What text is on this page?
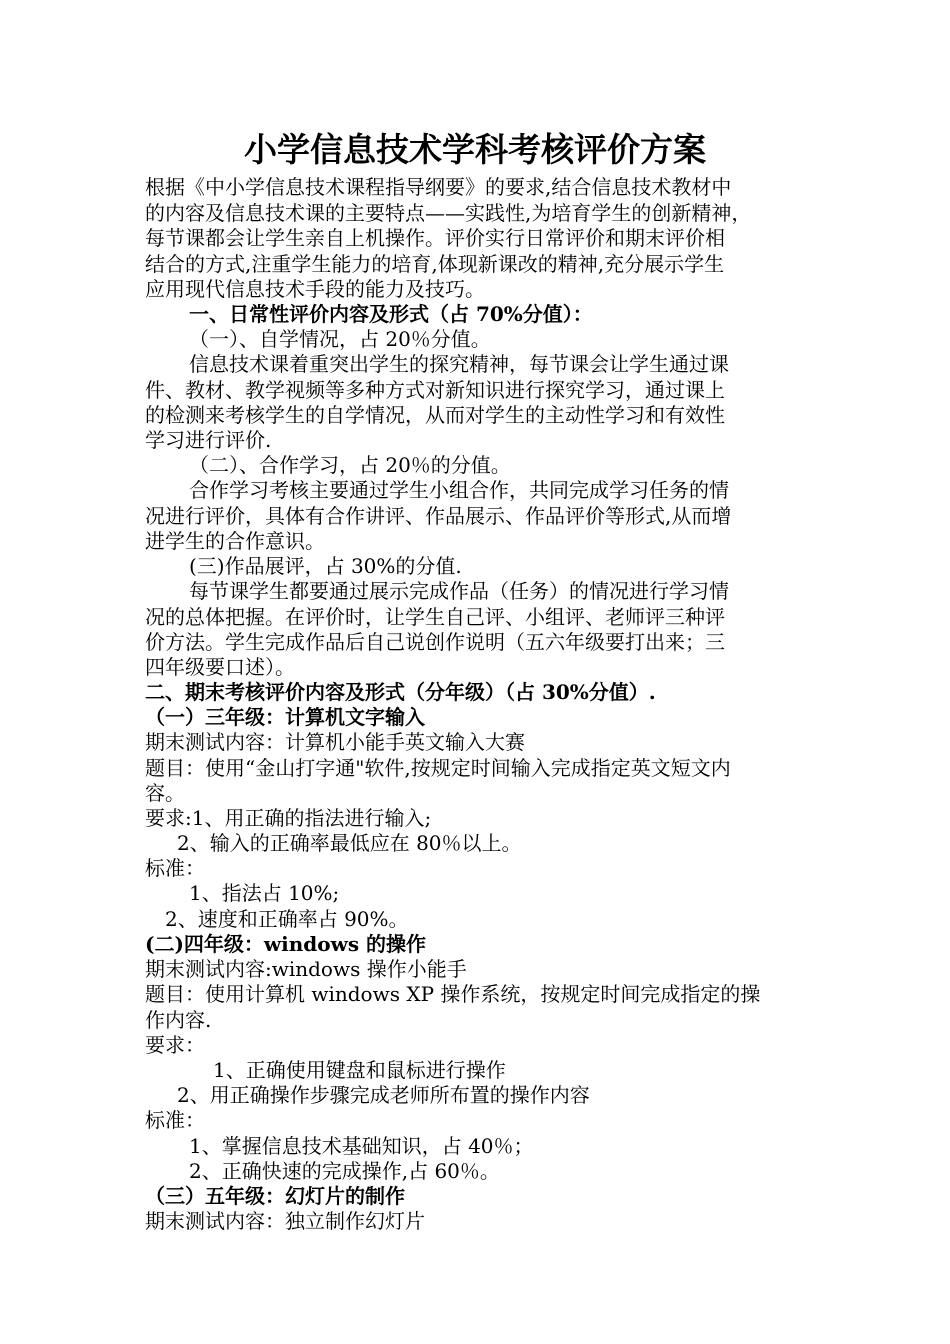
小学信息技术学科考核评价方案
根据《中小学信息技术课程指导纲要》的要求,结合信息技术教材中
的内容及信息技术课的主要特点——实践性,为培育学生的创新精神，
每节课都会让学生亲自上机操作。评价实行日常评价和期末评价相
结合的方式,注重学生能力的培育,体现新课改的精神,充分展示学生
应用现代信息技术手段的能力及技巧。
一、日常性评价内容及形式（占 70%分值）：
（一）、自学情况，占 20％分值。
信息技术课着重突出学生的探究精神，每节课会让学生通过课
件、教材、教学视频等多种方式对新知识进行探究学习，通过课上
的检测来考核学生的自学情况，从而对学生的主动性学习和有效性
学习进行评价.
（二）、合作学习，占 20％的分值。
合作学习考核主要通过学生小组合作，共同完成学习任务的情
况进行评价，具体有合作讲评、作品展示、作品评价等形式,从而增
进学生的合作意识。
(三)作品展评，占 30%的分值.
每节课学生都要通过展示完成作品（任务）的情况进行学习情
况的总体把握。在评价时，让学生自己评、小组评、老师评三种评
价方法。学生完成作品后自己说创作说明（五六年级要打出来；三
四年级要口述）。
二、期末考核评价内容及形式（分年级）（占 30%分值）.
（一）三年级：计算机文字输入
期末测试内容：计算机小能手英文输入大赛
题目：使用“金山打字通"软件,按规定时间输入完成指定英文短文内
容。
要求:1、用正确的指法进行输入;
2、输入的正确率最低应在 80％以上。
标准：
1、指法占 10%;
2、速度和正确率占 90%。
(二)四年级：windows 的操作
期末测试内容:windows 操作小能手
题目：使用计算机 windows XP 操作系统，按规定时间完成指定的操
作内容.
要求：
1、正确使用键盘和鼠标进行操作
2、用正确操作步骤完成老师所布置的操作内容
标准：
1、掌握信息技术基础知识，占 40％；
2、正确快速的完成操作,占 60％。
（三）五年级：幻灯片的制作
期末测试内容：独立制作幻灯片
